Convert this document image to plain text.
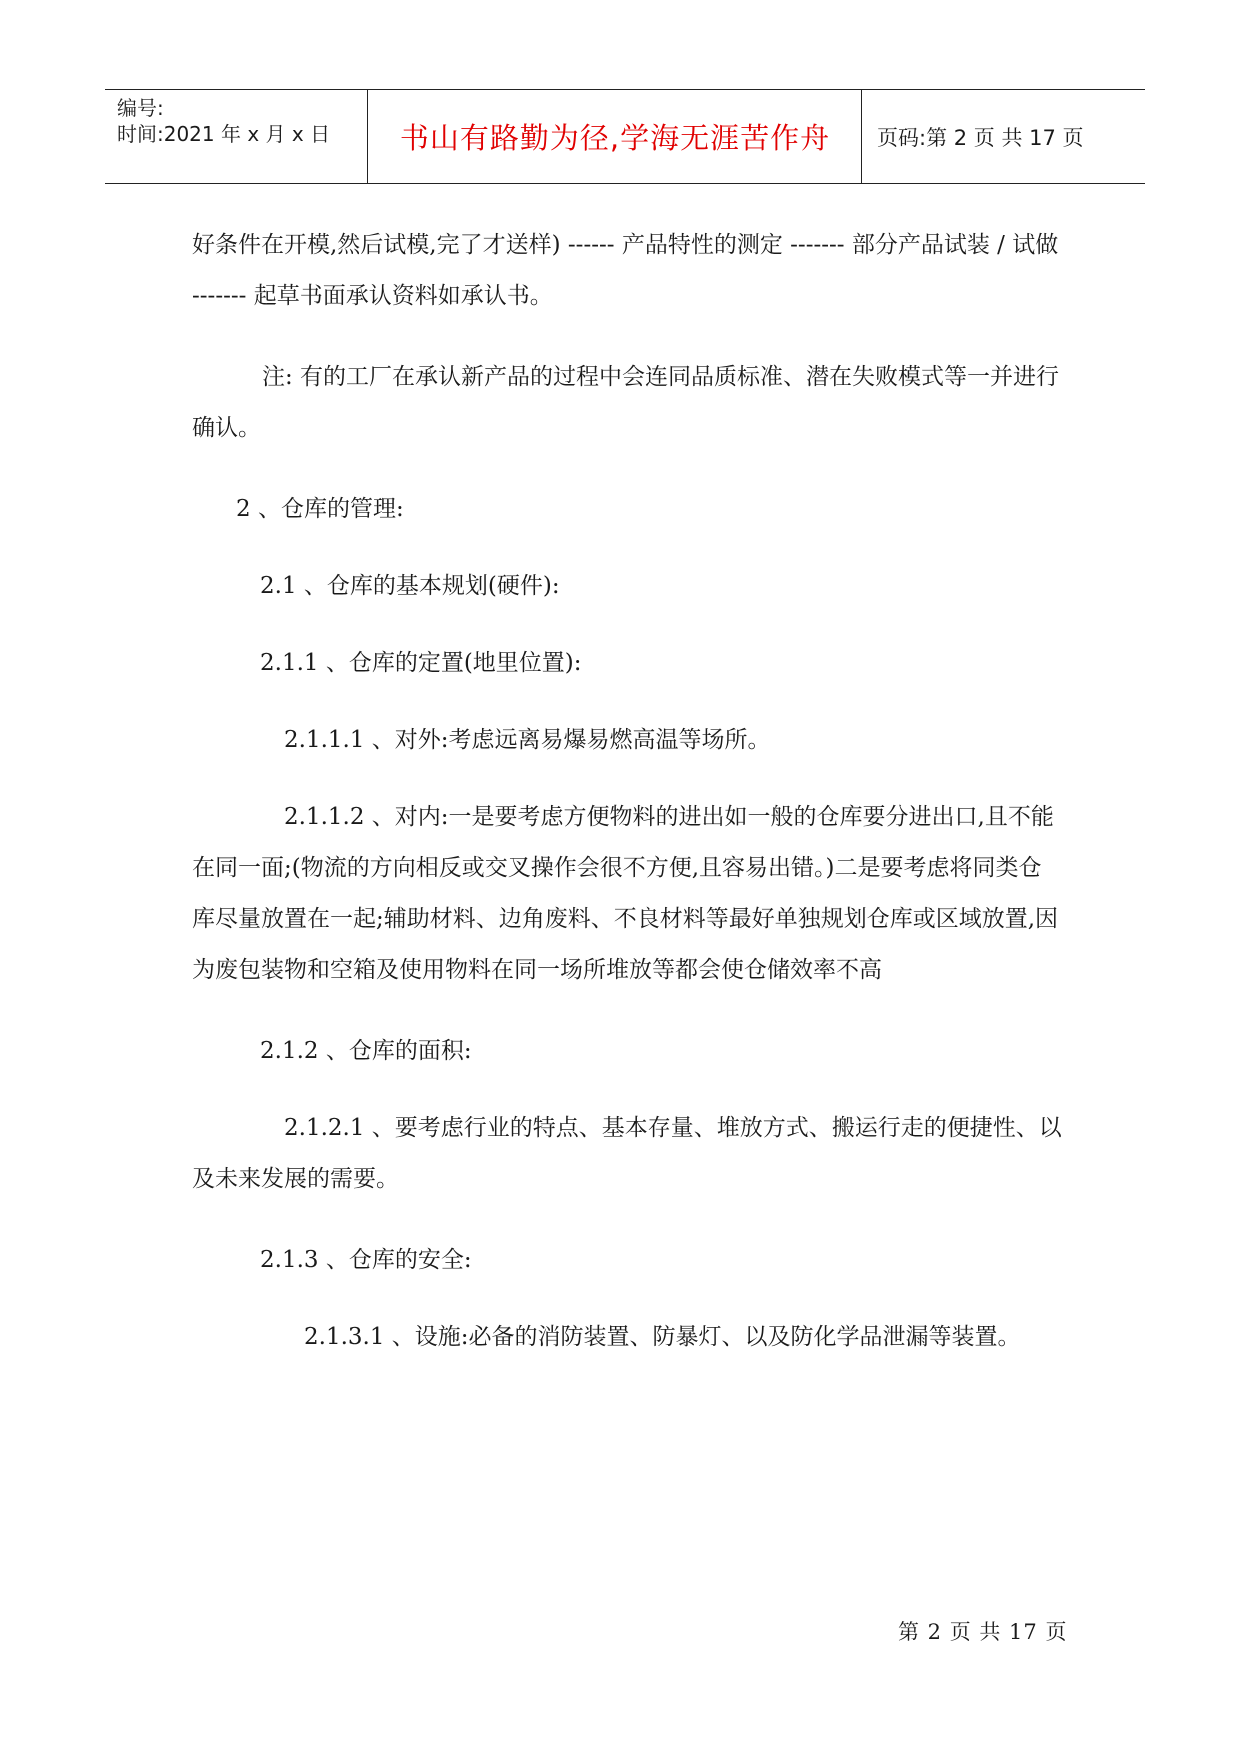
编号:
时间:2021 年 x 月 x 日 书山有路勤为径,学海无涯苦作舟 页码:第 2 页 共 17 页

好条件在开模,然后试模,完了才送样) ------ 产品特性的测定 ------- 部分产品试装 / 试做 ------- 起草书面承认资料如承认书。

注: 有的工厂在承认新产品的过程中会连同品质标准、潜在失败模式等一并进行确认。

2 、仓库的管理:

2.1 、仓库的基本规划(硬件):

2.1.1 、仓库的定置(地里位置):

2.1.1.1 、对外:考虑远离易爆易燃高温等场所。

2.1.1.2 、对内:一是要考虑方便物料的进出如一般的仓库要分进出口,且不能在同一面;(物流的方向相反或交叉操作会很不方便,且容易出错。)二是要考虑将同类仓库尽量放置在一起;辅助材料、边角废料、不良材料等最好单独规划仓库或区域放置,因为废包装物和空箱及使用物料在同一场所堆放等都会使仓储效率不高

2.1.2 、仓库的面积:

2.1.2.1 、要考虑行业的特点、基本存量、堆放方式、搬运行走的便捷性、以及未来发展的需要。

2.1.3 、仓库的安全:

2.1.3.1 、设施:必备的消防装置、防暴灯、以及防化学品泄漏等装置。

第 2 页 共 17 页
